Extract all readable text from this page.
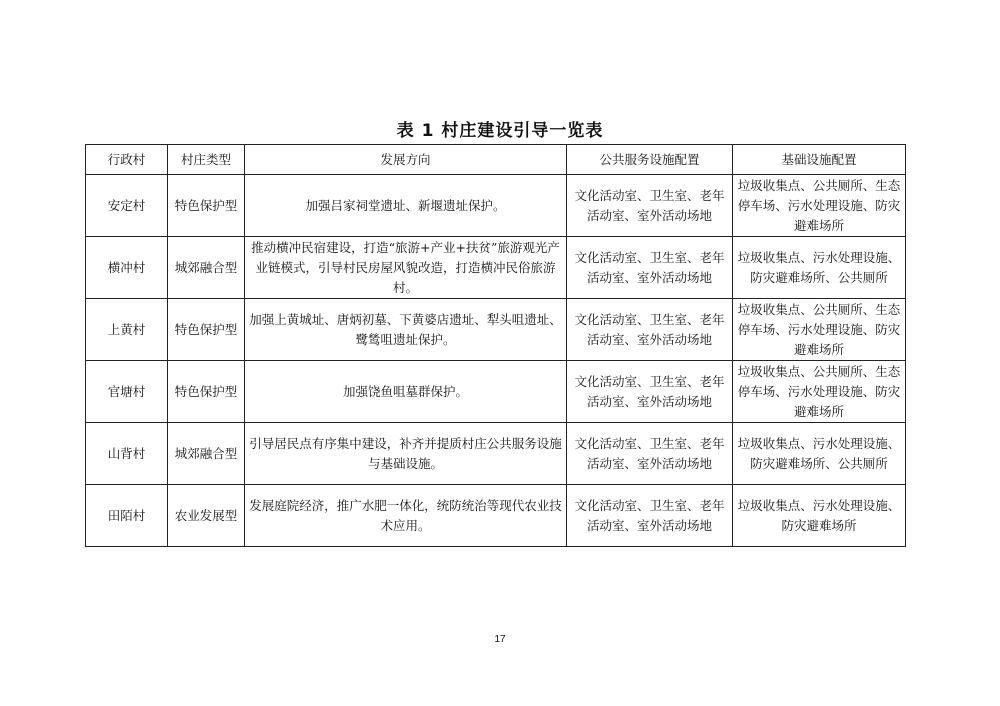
表 1 村庄建设引导一览表
行政村	村庄类型	发展方向	公共服务设施配置	基础设施配置
安定村	特色保护型	加强吕家祠堂遗址、新堰遗址保护。	文化活动室、卫生室、老年活动室、室外活动场地	垃圾收集点、公共厕所、生态停车场、污水处理设施、防灾避难场所
横冲村	城郊融合型	推动横冲民宿建设，打造“旅游+产业+扶贫”旅游观光产业链模式，引导村民房屋风貌改造，打造横冲民俗旅游村。	文化活动室、卫生室、老年活动室、室外活动场地	垃圾收集点、污水处理设施、防灾避难场所、公共厕所
上黄村	特色保护型	加强上黄城址、唐炳初墓、下黄婆店遗址、犁头咀遗址、鹭鸶咀遗址保护。	文化活动室、卫生室、老年活动室、室外活动场地	垃圾收集点、公共厕所、生态停车场、污水处理设施、防灾避难场所
官塘村	特色保护型	加强饶鱼咀墓群保护。	文化活动室、卫生室、老年活动室、室外活动场地	垃圾收集点、公共厕所、生态停车场、污水处理设施、防灾避难场所
山背村	城郊融合型	引导居民点有序集中建设，补齐并提质村庄公共服务设施与基础设施。	文化活动室、卫生室、老年活动室、室外活动场地	垃圾收集点、污水处理设施、防灾避难场所、公共厕所
田陌村	农业发展型	发展庭院经济，推广水肥一体化，统防统治等现代农业技术应用。	文化活动室、卫生室、老年活动室、室外活动场地	垃圾收集点、污水处理设施、防灾避难场所
17
